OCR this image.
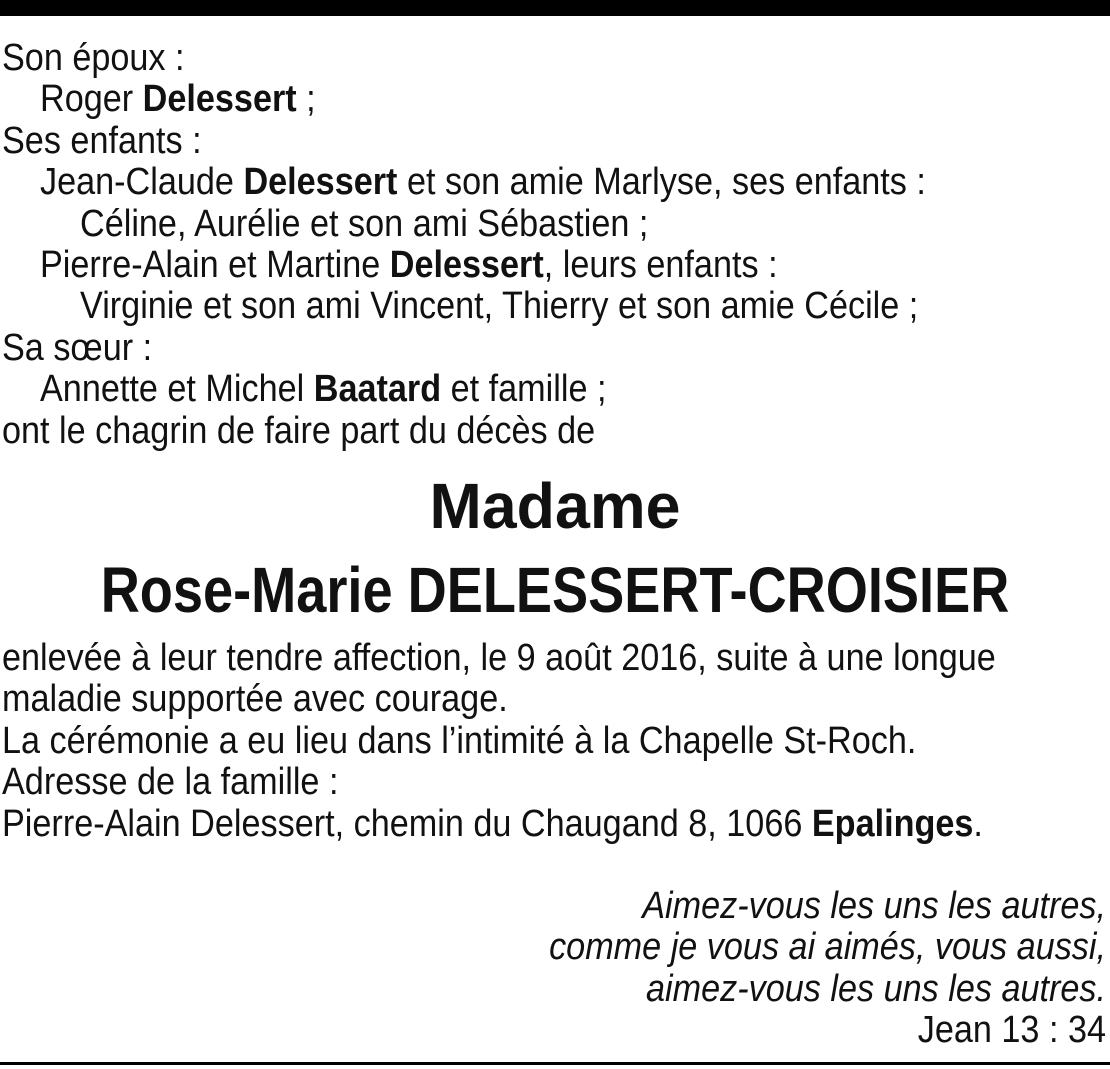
Son époux :
Roger Delessert ;
Ses enfants :
Jean-Claude Delessert et son amie Marlyse, ses enfants :
Céline, Aurélie et son ami Sébastien ;
Pierre-Alain et Martine Delessert, leurs enfants :
Virginie et son ami Vincent, Thierry et son amie Cécile ;
Sa sœur :
Annette et Michel Baatard et famille ;
ont le chagrin de faire part du décès de
Madame
Rose-Marie DELESSERT-CROISIER
enlevée à leur tendre affection, le 9 août 2016, suite à une longue
maladie supportée avec courage.
La cérémonie a eu lieu dans l’intimité à la Chapelle St-Roch.
Adresse de la famille :
Pierre-Alain Delessert, chemin du Chaugand 8, 1066 Epalinges.
Aimez-vous les uns les autres,
comme je vous ai aimés, vous aussi,
aimez-vous les uns les autres.
Jean 13 : 34
